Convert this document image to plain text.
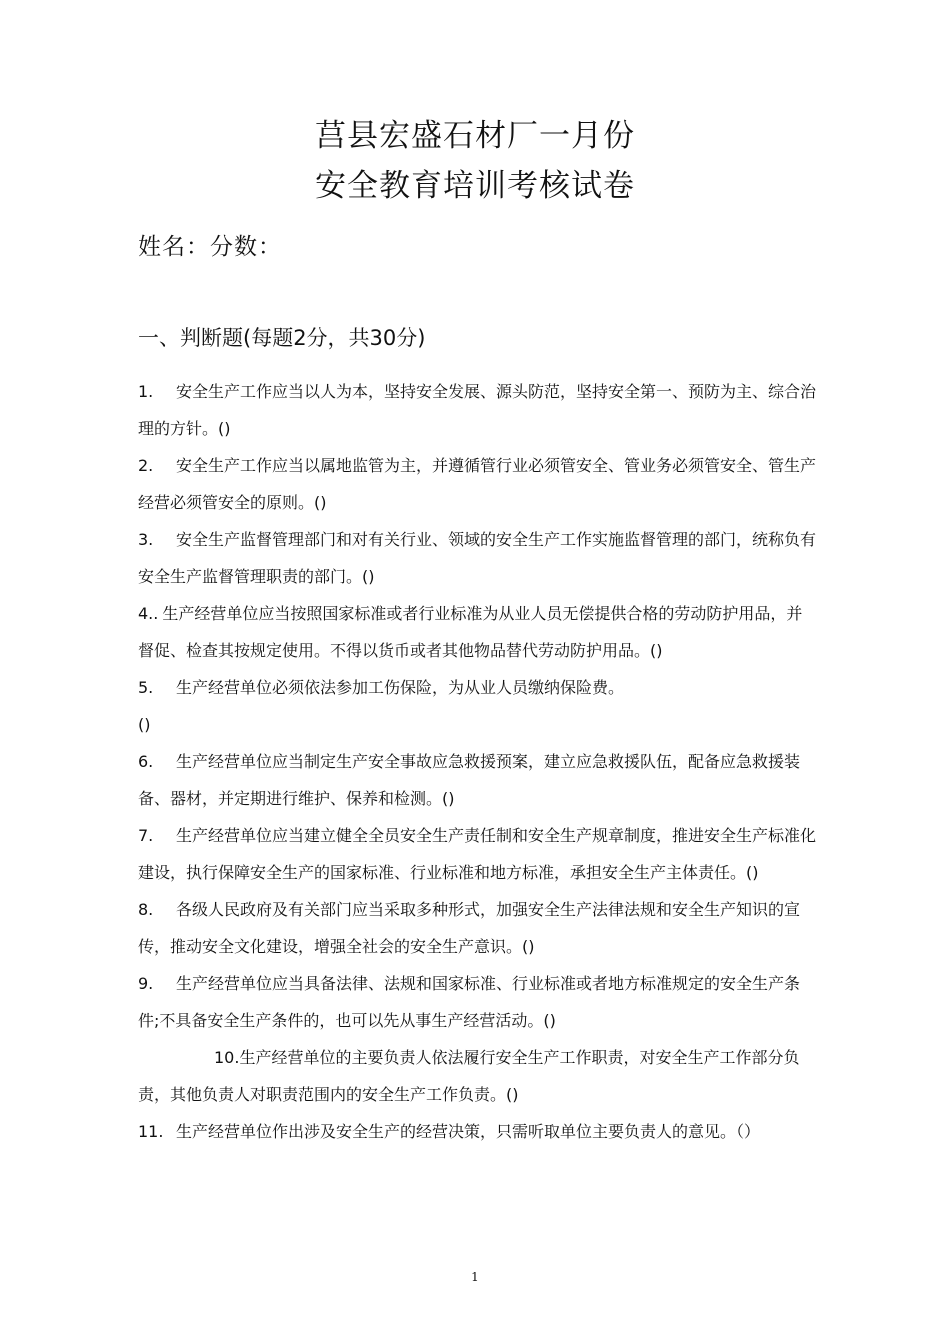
莒县宏盛石材厂一月份
安全教育培训考核试卷
姓名：分数：
一、判断题(每题2分，共30分)
1. 安全生产工作应当以人为本，坚持安全发展、源头防范，坚持安全第一、预防为主、综合治理的方针。()
2. 安全生产工作应当以属地监管为主，并遵循管行业必须管安全、管业务必须管安全、管生产经营必须管安全的原则。()
3. 安全生产监督管理部门和对有关行业、领域的安全生产工作实施监督管理的部门，统称负有安全生产监督管理职责的部门。()
4.. 生产经营单位应当按照国家标准或者行业标准为从业人员无偿提供合格的劳动防护用品，并督促、检查其按规定使用。不得以货币或者其他物品替代劳动防护用品。()
5. 生产经营单位必须依法参加工伤保险，为从业人员缴纳保险费。
()
6. 生产经营单位应当制定生产安全事故应急救援预案，建立应急救援队伍，配备应急救援装备、器材，并定期进行维护、保养和检测。()
7. 生产经营单位应当建立健全全员安全生产责任制和安全生产规章制度，推进安全生产标准化建设，执行保障安全生产的国家标准、行业标准和地方标准，承担安全生产主体责任。()
8. 各级人民政府及有关部门应当采取多种形式，加强安全生产法律法规和安全生产知识的宣传，推动安全文化建设，增强全社会的安全生产意识。()
9. 生产经营单位应当具备法律、法规和国家标准、行业标准或者地方标准规定的安全生产条件;不具备安全生产条件的，也可以先从事生产经营活动。()
10.生产经营单位的主要负责人依法履行安全生产工作职责，对安全生产工作部分负责，其他负责人对职责范围内的安全生产工作负责。()
11. 生产经营单位作出涉及安全生产的经营决策，只需听取单位主要负责人的意见。（）
1
